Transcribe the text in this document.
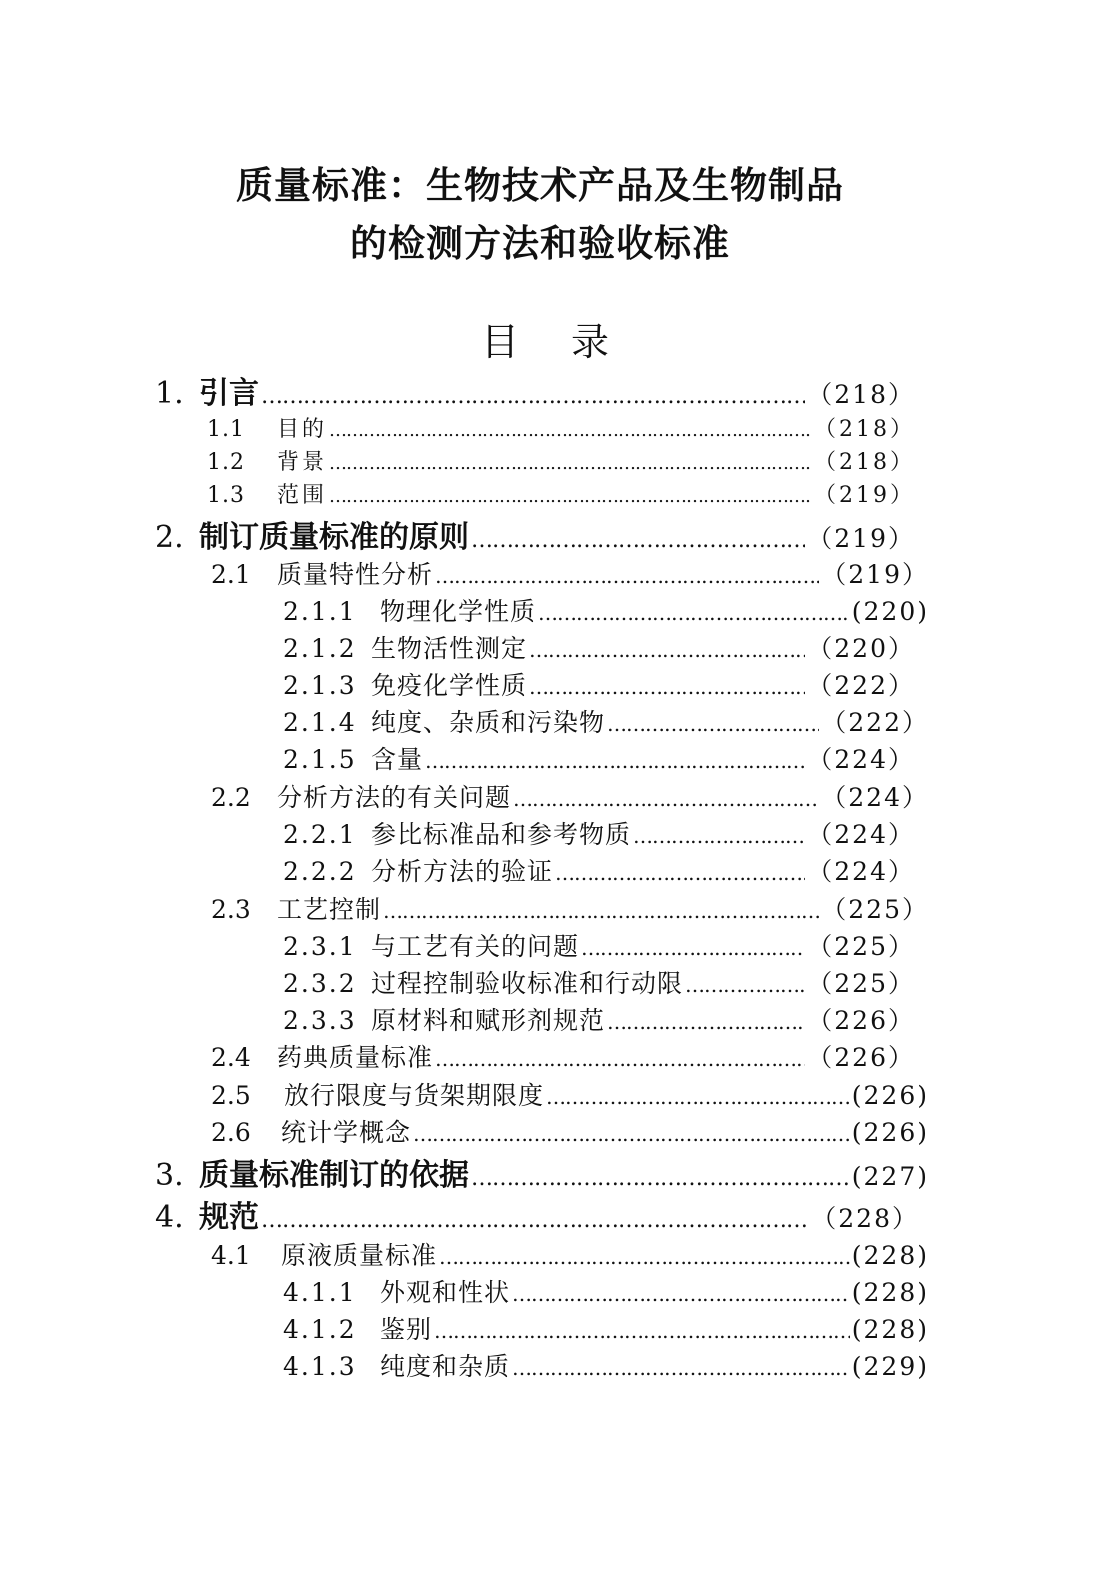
质量标准：生物技术产品及生物制品
的检测方法和验收标准
目录
1. 引言 ………………………………………………………………………………………………………………………………………………………………………………………………………………	（218）
1.1	目的 ………………………………………………………………………………………………………………………………………………………………………………………………………………	（218）
1.2	背景 ………………………………………………………………………………………………………………………………………………………………………………………………………………	（218）
1.3	范围 ………………………………………………………………………………………………………………………………………………………………………………………………………………	（219）
2. 制订质量标准的原则 ………………………………………………………………………………………………………………………………………………………………………………………………………………	（219）
2.1	质量特性分析 ………………………………………………………………………………………………………………………………………………………………………………………………………………	（219）
2.1.1 物理化学性质 ………………………………………………………………………………………………………………………………………………………………………………………………………………	(220)
2.1.2 生物活性测定 ………………………………………………………………………………………………………………………………………………………………………………………………………………	（220）
2.1.3 免疫化学性质 ………………………………………………………………………………………………………………………………………………………………………………………………………………	（222）
2.1.4 纯度、杂质和污染物 ………………………………………………………………………………………………………………………………………………………………………………………………………………	（222）
2.1.5 含量 ………………………………………………………………………………………………………………………………………………………………………………………………………………	（224）
2.2	分析方法的有关问题 ………………………………………………………………………………………………………………………………………………………………………………………………………………	（224）
2.2.1 参比标准品和参考物质 ………………………………………………………………………………………………………………………………………………………………………………………………………………	（224）
2.2.2 分析方法的验证 ………………………………………………………………………………………………………………………………………………………………………………………………………………	（224）
2.3	工艺控制 ………………………………………………………………………………………………………………………………………………………………………………………………………………	（225）
2.3.1 与工艺有关的问题 ………………………………………………………………………………………………………………………………………………………………………………………………………………	（225）
2.3.2 过程控制验收标准和行动限 ………………………………………………………………………………………………………………………………………………………………………………………………………………	（225）
2.3.3 原材料和赋形剂规范 ………………………………………………………………………………………………………………………………………………………………………………………………………………	（226）
2.4	药典质量标准 ………………………………………………………………………………………………………………………………………………………………………………………………………………	（226）
2.5	放行限度与货架期限度 ………………………………………………………………………………………………………………………………………………………………………………………………………………	(226)
2.6	统计学概念 ………………………………………………………………………………………………………………………………………………………………………………………………………………	(226)
3. 质量标准制订的依据 ………………………………………………………………………………………………………………………………………………………………………………………………………………	(227)
4. 规范 ………………………………………………………………………………………………………………………………………………………………………………………………………………	（228）
4.1	原液质量标准 ………………………………………………………………………………………………………………………………………………………………………………………………………………	(228)
4.1.1 外观和性状 ………………………………………………………………………………………………………………………………………………………………………………………………………………	(228)
4.1.2 鉴别 ………………………………………………………………………………………………………………………………………………………………………………………………………………	(228)
4.1.3 纯度和杂质 ………………………………………………………………………………………………………………………………………………………………………………………………………………	(229)
